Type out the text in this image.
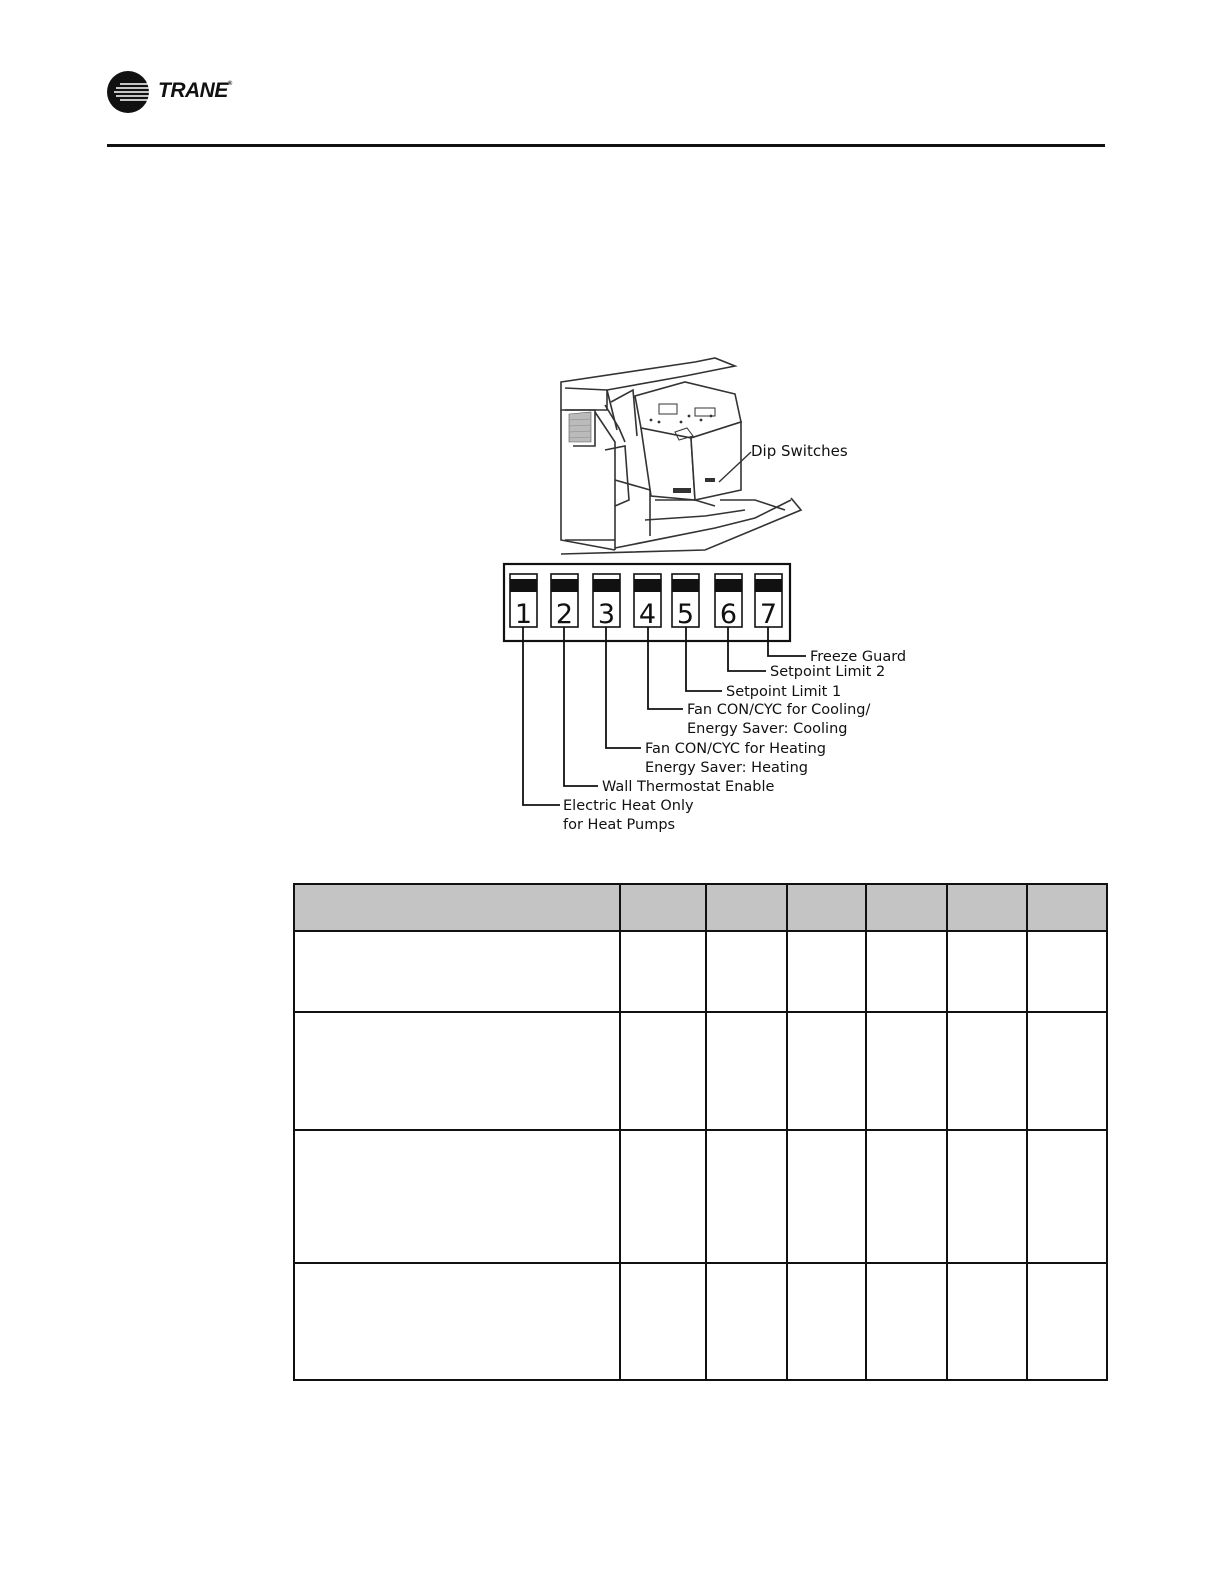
TRANE®
Dip Switches
1 2 3 4 5 6 7
Freeze Guard
Setpoint Limit 2
Setpoint Limit 1
Fan CON/CYC for Cooling/
Energy Saver: Cooling
Fan CON/CYC for Heating
Energy Saver: Heating
Wall Thermostat Enable
Electric Heat Only
for Heat Pumps
